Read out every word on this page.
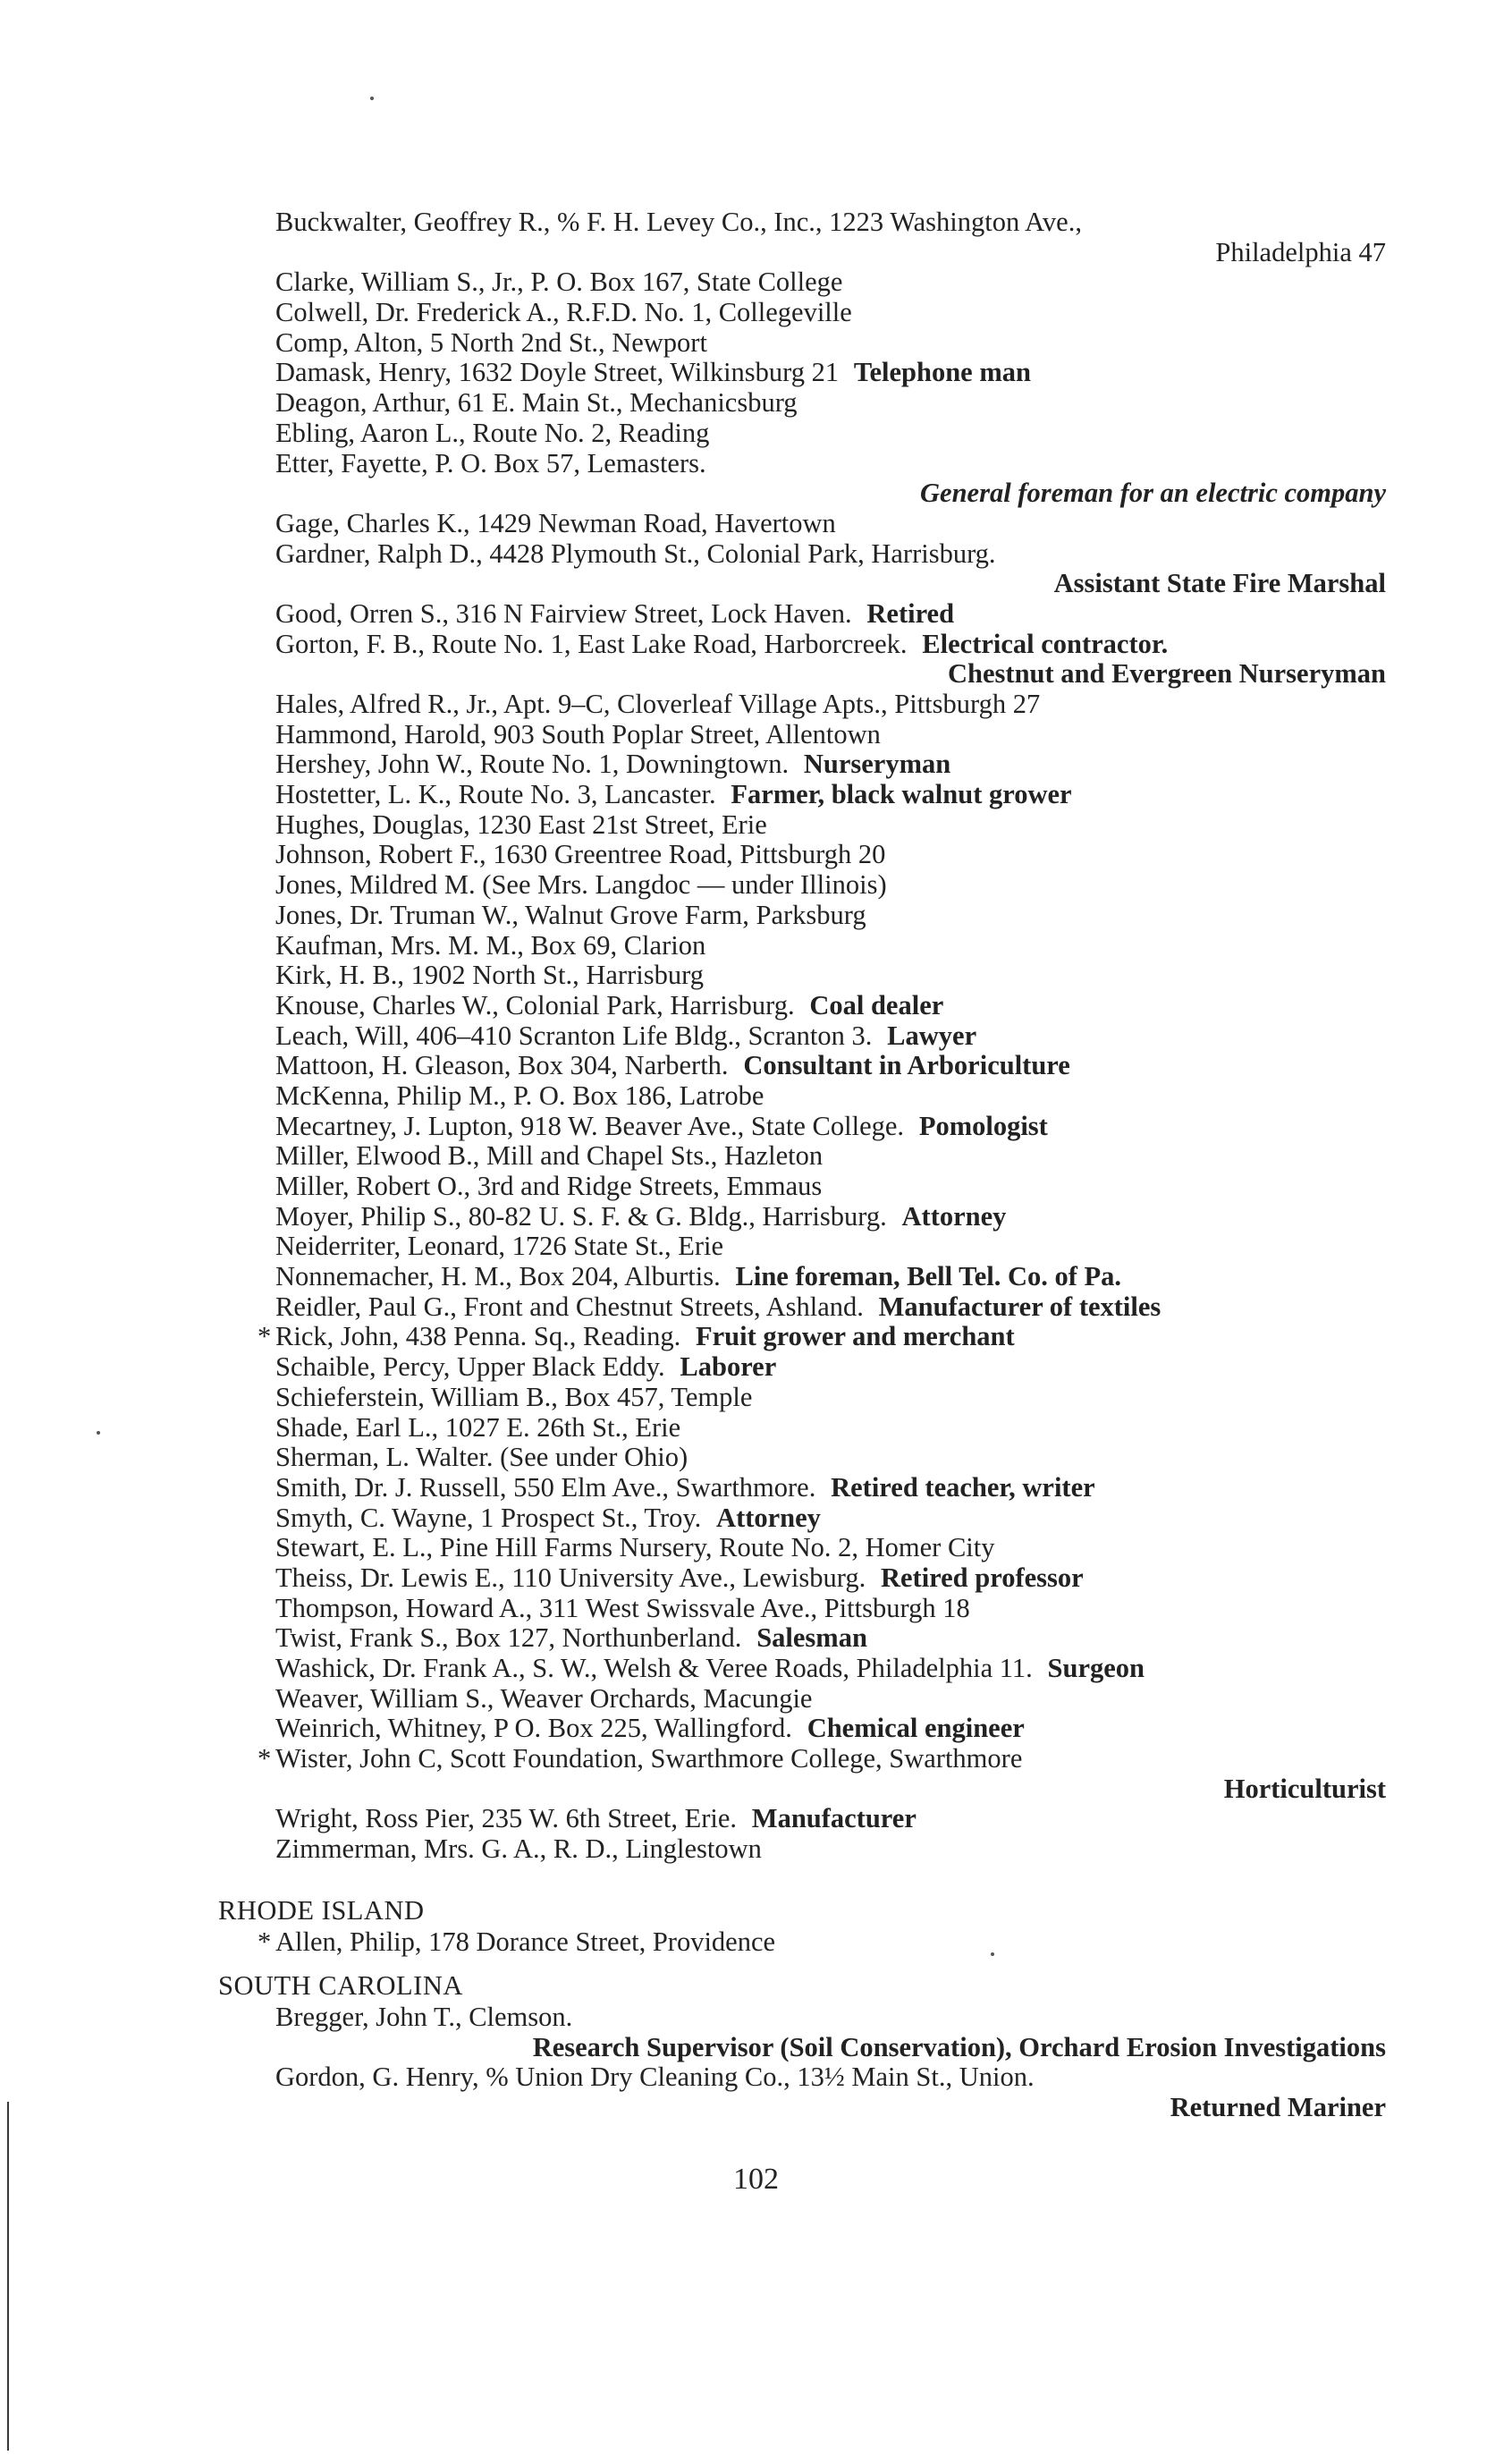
Buckwalter, Geoffrey R., % F. H. Levey Co., Inc., 1223 Washington Ave.,
Philadelphia 47
Clarke, William S., Jr., P. O. Box 167, State College
Colwell, Dr. Frederick A., R.F.D. No. 1, Collegeville
Comp, Alton, 5 North 2nd St., Newport
Damask, Henry, 1632 Doyle Street, Wilkinsburg 21 Telephone man
Deagon, Arthur, 61 E. Main St., Mechanicsburg
Ebling, Aaron L., Route No. 2, Reading
Etter, Fayette, P. O. Box 57, Lemasters.
General foreman for an electric company
Gage, Charles K., 1429 Newman Road, Havertown
Gardner, Ralph D., 4428 Plymouth St., Colonial Park, Harrisburg.
Assistant State Fire Marshal
Good, Orren S., 316 N Fairview Street, Lock Haven. Retired
Gorton, F. B., Route No. 1, East Lake Road, Harborcreek. Electrical contractor.
Chestnut and Evergreen Nurseryman
Hales, Alfred R., Jr., Apt. 9–C, Cloverleaf Village Apts., Pittsburgh 27
Hammond, Harold, 903 South Poplar Street, Allentown
Hershey, John W., Route No. 1, Downingtown. Nurseryman
Hostetter, L. K., Route No. 3, Lancaster. Farmer, black walnut grower
Hughes, Douglas, 1230 East 21st Street, Erie
Johnson, Robert F., 1630 Greentree Road, Pittsburgh 20
Jones, Mildred M. (See Mrs. Langdoc — under Illinois)
Jones, Dr. Truman W., Walnut Grove Farm, Parksburg
Kaufman, Mrs. M. M., Box 69, Clarion
Kirk, H. B., 1902 North St., Harrisburg
Knouse, Charles W., Colonial Park, Harrisburg. Coal dealer
Leach, Will, 406–410 Scranton Life Bldg., Scranton 3. Lawyer
Mattoon, H. Gleason, Box 304, Narberth. Consultant in Arboriculture
McKenna, Philip M., P. O. Box 186, Latrobe
Mecartney, J. Lupton, 918 W. Beaver Ave., State College. Pomologist
Miller, Elwood B., Mill and Chapel Sts., Hazleton
Miller, Robert O., 3rd and Ridge Streets, Emmaus
Moyer, Philip S., 80-82 U. S. F. & G. Bldg., Harrisburg. Attorney
Neiderriter, Leonard, 1726 State St., Erie
Nonnemacher, H. M., Box 204, Alburtis. Line foreman, Bell Tel. Co. of Pa.
Reidler, Paul G., Front and Chestnut Streets, Ashland. Manufacturer of textiles
* Rick, John, 438 Penna. Sq., Reading. Fruit grower and merchant
Schaible, Percy, Upper Black Eddy. Laborer
Schieferstein, William B., Box 457, Temple
Shade, Earl L., 1027 E. 26th St., Erie
Sherman, L. Walter. (See under Ohio)
Smith, Dr. J. Russell, 550 Elm Ave., Swarthmore. Retired teacher, writer
Smyth, C. Wayne, 1 Prospect St., Troy. Attorney
Stewart, E. L., Pine Hill Farms Nursery, Route No. 2, Homer City
Theiss, Dr. Lewis E., 110 University Ave., Lewisburg. Retired professor
Thompson, Howard A., 311 West Swissvale Ave., Pittsburgh 18
Twist, Frank S., Box 127, Northunberland. Salesman
Washick, Dr. Frank A., S. W., Welsh & Veree Roads, Philadelphia 11. Surgeon
Weaver, William S., Weaver Orchards, Macungie
Weinrich, Whitney, P O. Box 225, Wallingford. Chemical engineer
* Wister, John C, Scott Foundation, Swarthmore College, Swarthmore
Horticulturist
Wright, Ross Pier, 235 W. 6th Street, Erie. Manufacturer
Zimmerman, Mrs. G. A., R. D., Linglestown
RHODE ISLAND
* Allen, Philip, 178 Dorance Street, Providence
SOUTH CAROLINA
Bregger, John T., Clemson.
Research Supervisor (Soil Conservation), Orchard Erosion Investigations
Gordon, G. Henry, % Union Dry Cleaning Co., 13½ Main St., Union.
Returned Mariner
102
